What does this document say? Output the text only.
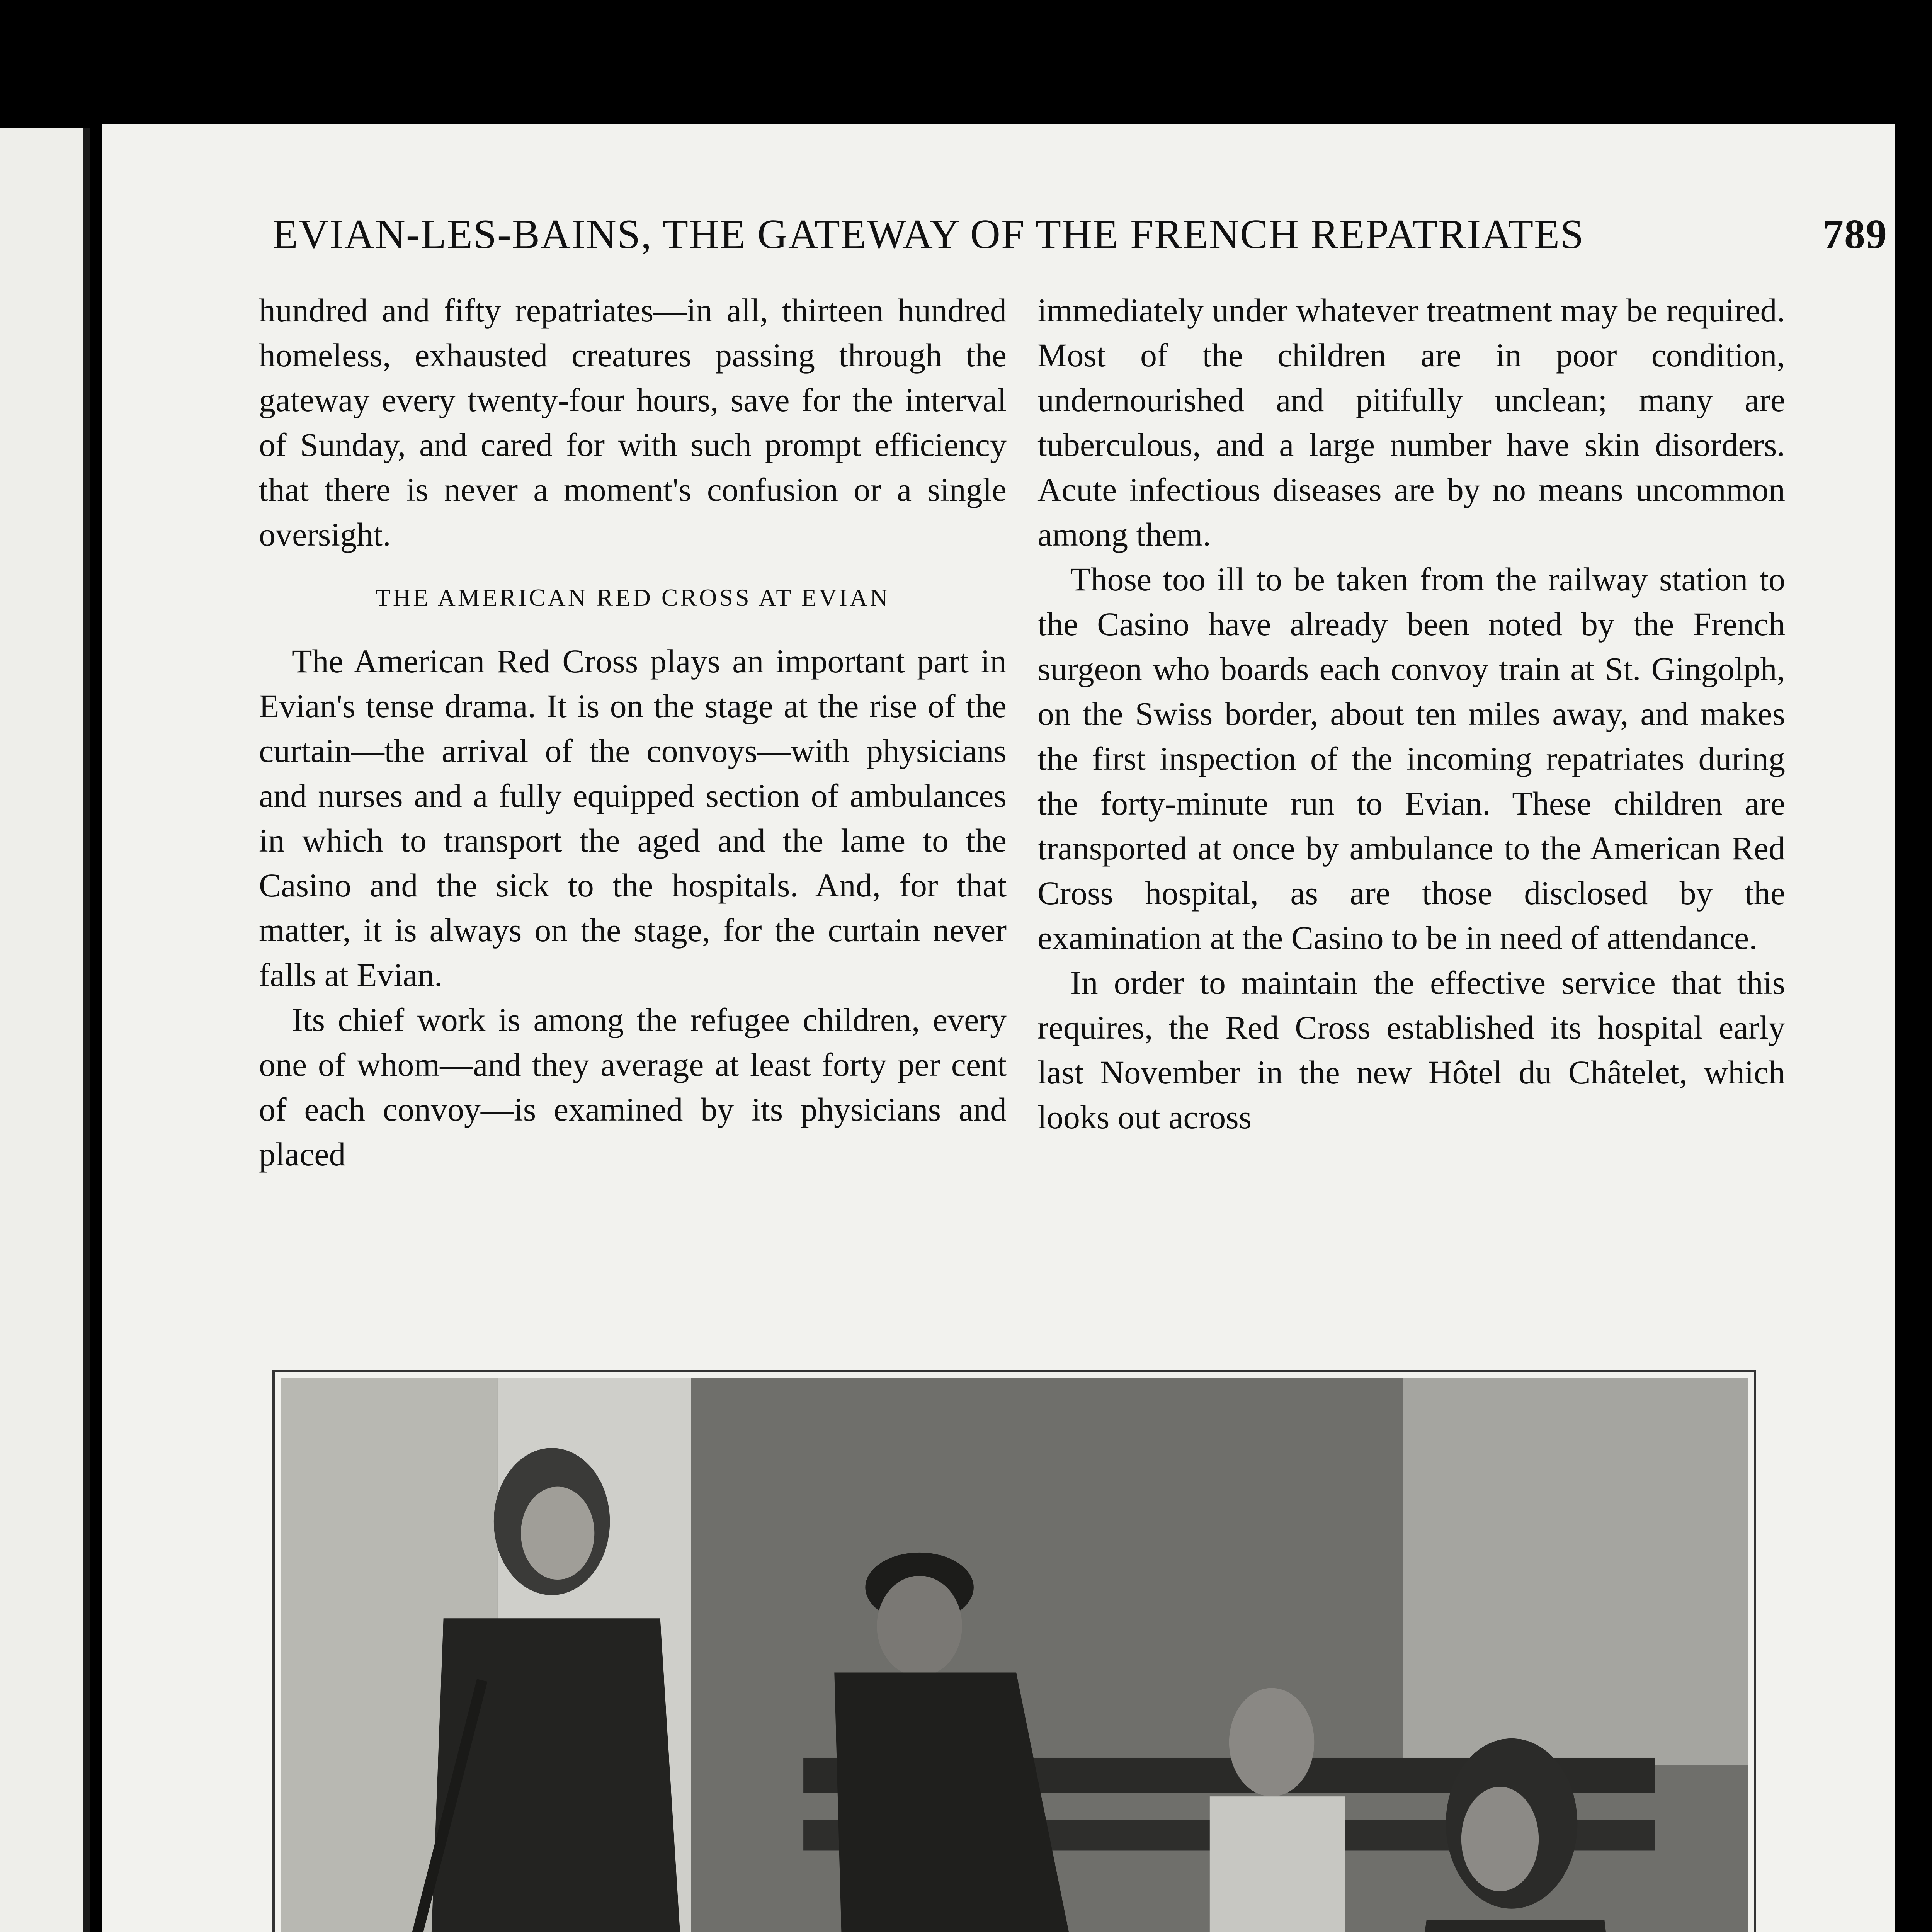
EVIAN-LES-BAINS, THE GATEWAY OF THE FRENCH REPATRIATES	789

hundred and fifty repatriates—in all, thirteen hundred homeless, exhausted creatures passing through the gateway every twenty-four hours, save for the interval of Sunday, and cared for with such prompt efficiency that there is never a moment's confusion or a single oversight.

THE AMERICAN RED CROSS AT EVIAN

The American Red Cross plays an important part in Evian's tense drama. It is on the stage at the rise of the curtain—the arrival of the convoys—with physicians and nurses and a fully equipped section of ambulances in which to transport the aged and the lame to the Casino and the sick to the hospitals. And, for that matter, it is always on the stage, for the curtain never falls at Evian.

Its chief work is among the refugee children, every one of whom—and they average at least forty per cent of each convoy—is examined by its physicians and placed

immediately under whatever treatment may be required. Most of the children are in poor condition, undernourished and pitifully unclean; many are tuberculous, and a large number have skin disorders. Acute infectious diseases are by no means uncommon among them.

Those too ill to be taken from the railway station to the Casino have already been noted by the French surgeon who boards each convoy train at St. Gingolph, on the Swiss border, about ten miles away, and makes the first inspection of the incoming repatriates during the forty-minute run to Evian. These children are transported at once by ambulance to the American Red Cross hospital, as are those disclosed by the examination at the Casino to be in need of attendance.

In order to maintain the effective service that this requires, the Red Cross established its hospital early last November in the new Hôtel du Châtelet, which looks out across
